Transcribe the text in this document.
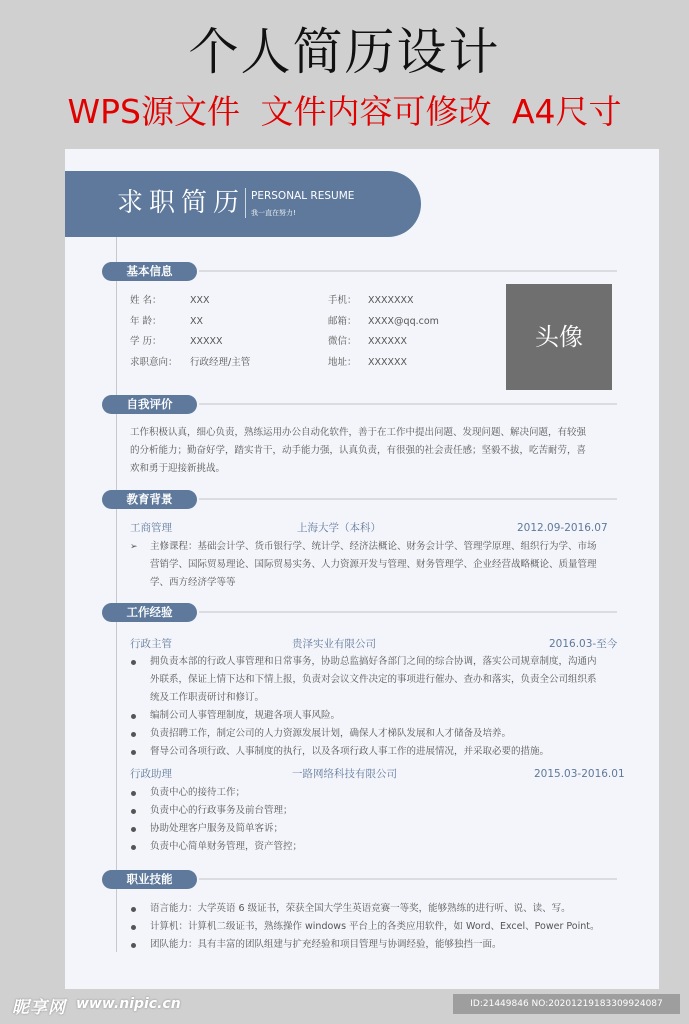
个人简历设计
WPS源文件 文件内容可修改 A4尺寸
求职简历 PERSONAL RESUME
我一直在努力!
基本信息
姓 名：	XXX
年 龄：	XX
学 历：	XXXXX
求职意向： 行政经理/主管
手机： XXXXXXX
邮箱： XXXX@qq.com
微信： XXXXXX
地址： XXXXXX
头像
自我评价
工作积极认真，细心负责，熟练运用办公自动化软件，善于在工作中提出问题、发现问题、解决问题，有较强
的分析能力；勤奋好学，踏实肯干，动手能力强，认真负责，有很强的社会责任感；坚毅不拔，吃苦耐劳，喜
欢和勇于迎接新挑战。
教育背景
工商管理	上海大学（本科）	2012.09-2016.07
➢ 主修课程：基础会计学、货币银行学、统计学、经济法概论、财务会计学、管理学原理、组织行为学、市场
营销学、国际贸易理论、国际贸易实务、人力资源开发与管理、财务管理学、企业经营战略概论、质量管理
学、西方经济学等等
工作经验
行政主管	贵泽实业有限公司	2016.03-至今
拥负责本部的行政人事管理和日常事务，协助总监搞好各部门之间的综合协调，落实公司规章制度，沟通内
外联系，保证上情下达和下情上报，负责对会议文件决定的事项进行催办、查办和落实，负责全公司组织系
统及工作职责研讨和修订。
编制公司人事管理制度，规避各项人事风险。
负责招聘工作，制定公司的人力资源发展计划，确保人才梯队发展和人才储备及培养。
督导公司各项行政、人事制度的执行，以及各项行政人事工作的进展情况，并采取必要的措施。
行政助理	一路网络科技有限公司	2015.03-2016.01
负责中心的接待工作；
负责中心的行政事务及前台管理；
协助处理客户服务及简单客诉；
负责中心简单财务管理，资产管控；
职业技能
语言能力：大学英语 6 级证书，荣获全国大学生英语竞赛一等奖，能够熟练的进行听、说、读、写。
计算机：计算机二级证书，熟练操作 windows 平台上的各类应用软件，如 Word、Excel、Power Point。
团队能力：具有丰富的团队组建与扩充经验和项目管理与协调经验，能够独挡一面。
昵享网 www.nipic.cn	ID:21449846 NO:20201219183309924087
